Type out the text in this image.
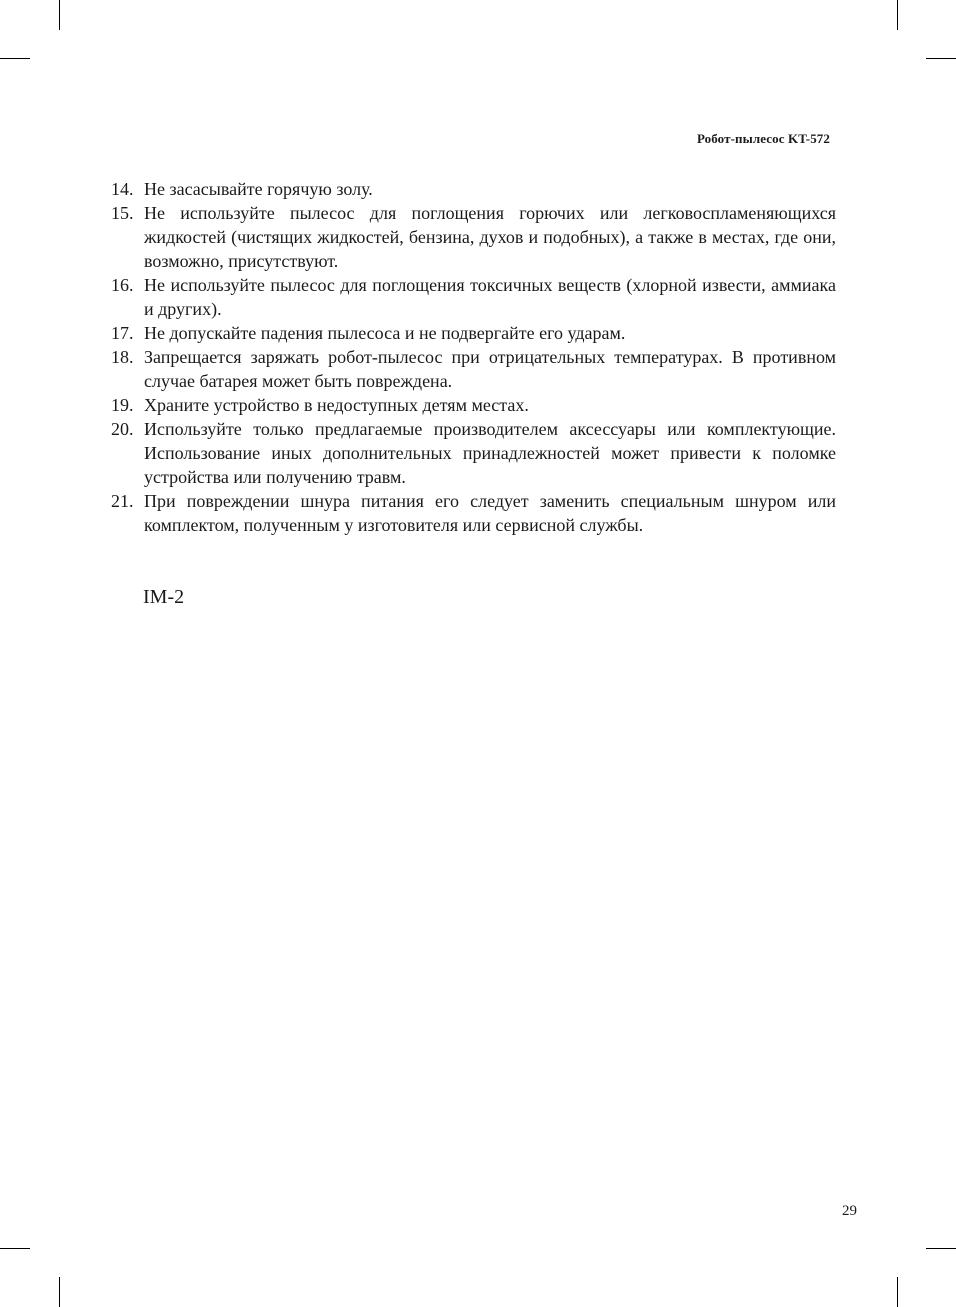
Робот-пылесос KT-572
14. Не засасывайте горячую золу.
15. Не используйте пылесос для поглощения горючих или легковоспламеняющихся жидкостей (чистящих жидкостей, бензина, духов и подобных), а также в местах, где они, возможно, присутствуют.
16. Не используйте пылесос для поглощения токсичных веществ (хлорной извести, аммиака и других).
17. Не допускайте падения пылесоса и не подвергайте его ударам.
18. Запрещается заряжать робот-пылесос при отрицательных температурах. В противном случае батарея может быть повреждена.
19. Храните устройство в недоступных детям местах.
20. Используйте только предлагаемые производителем аксессуары или комплектующие. Использование иных дополнительных принадлежностей может привести к поломке устройства или получению травм.
21. При повреждении шнура питания его следует заменить специальным шнуром или комплектом, полученным у изготовителя или сервисной службы.
IM-2
29
